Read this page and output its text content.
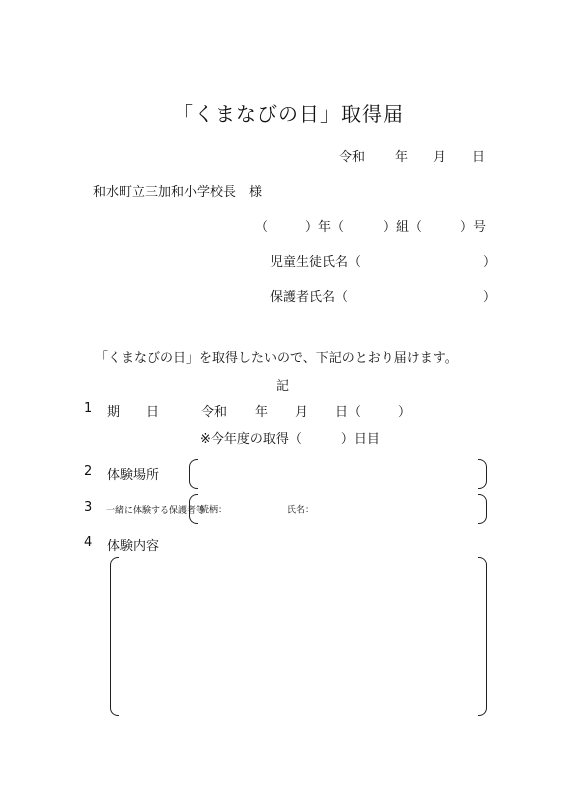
「くまなびの日」取得届
令和 年 月 日
和水町立三加和小学校長　様
（	）年（	）組（	）号
児童生徒氏名（	）
保護者氏名（	）
「くまなびの日」を取得したいので、下記のとおり届けます。
記
1 期　　日	令和 年 月 日（	）
※今年度の取得（　　　）日目
2 体験場所
3 一緒に体験する保護者等
続柄：	氏名：
4 体験内容
